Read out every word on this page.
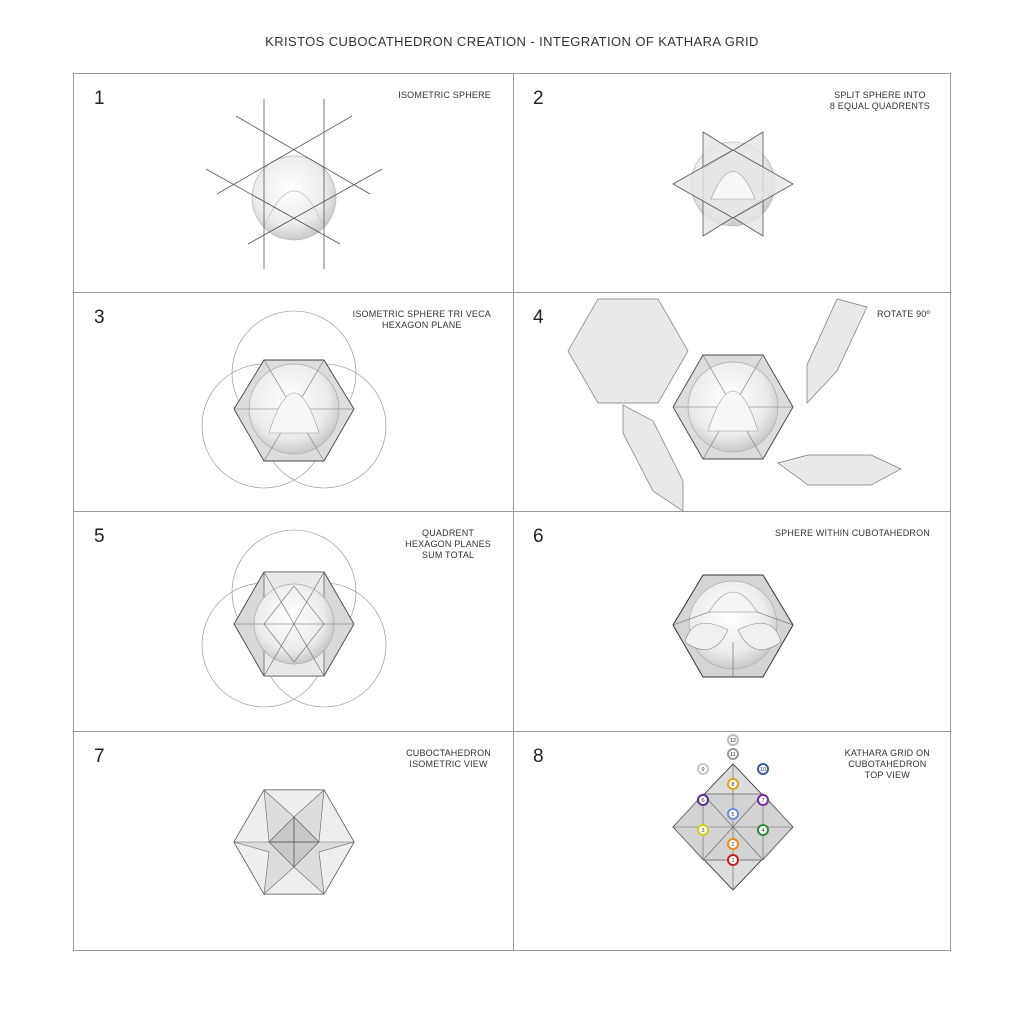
KRISTOS CUBOCATHEDRON CREATION - INTEGRATION OF KATHARA GRID
1	ISOMETRIC SPHERE 2	SPLIT SPHERE INTO
8 EQUAL QUADRENTS
3	ISOMETRIC SPHERE TRI VECA
HEXAGON PLANE	4	ROTATE 90º
5	QUADRENT
HEXAGON PLANES
SUM TOTAL
6	SPHERE WITHIN CUBOTAHEDRON
7	CUBOCTAHEDRON
ISOMETRIC VIEW 8	KATHARA GRID ON
CUBOTAHEDRON
TOP VIEW
12
11
9	10
8
6
5
7
3	4
2
1
